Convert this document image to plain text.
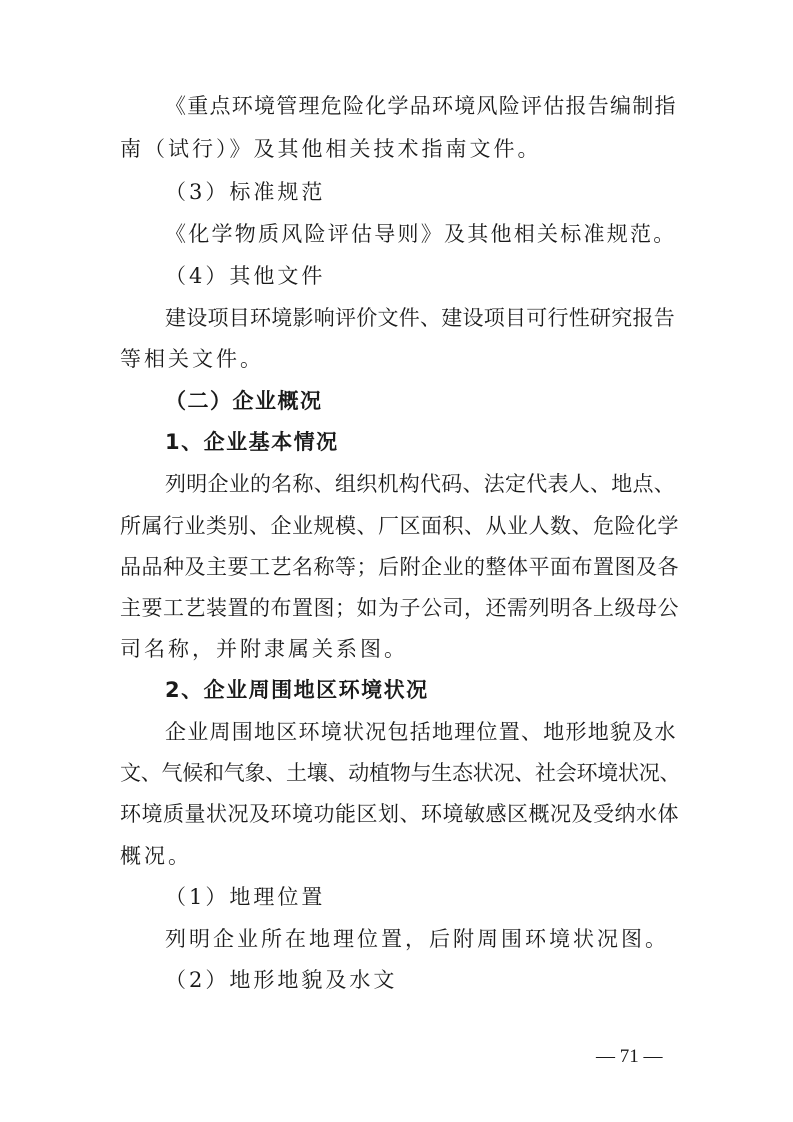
《重点环境管理危险化学品环境风险评估报告编制指
南（试行）》及其他相关技术指南文件。
（3）标准规范
《化学物质风险评估导则》及其他相关标准规范。
（4）其他文件
建设项目环境影响评价文件、建设项目可行性研究报告
等相关文件。
（二）企业概况
1、企业基本情况
列明企业的名称、组织机构代码、法定代表人、地点、
所属行业类别、企业规模、厂区面积、从业人数、危险化学
品品种及主要工艺名称等；后附企业的整体平面布置图及各
主要工艺装置的布置图；如为子公司，还需列明各上级母公
司名称，并附隶属关系图。
2、企业周围地区环境状况
企业周围地区环境状况包括地理位置、地形地貌及水
文、气候和气象、土壤、动植物与生态状况、社会环境状况、
环境质量状况及环境功能区划、环境敏感区概况及受纳水体
概况。
（1）地理位置
列明企业所在地理位置，后附周围环境状况图。
（2）地形地貌及水文
— 71 —
